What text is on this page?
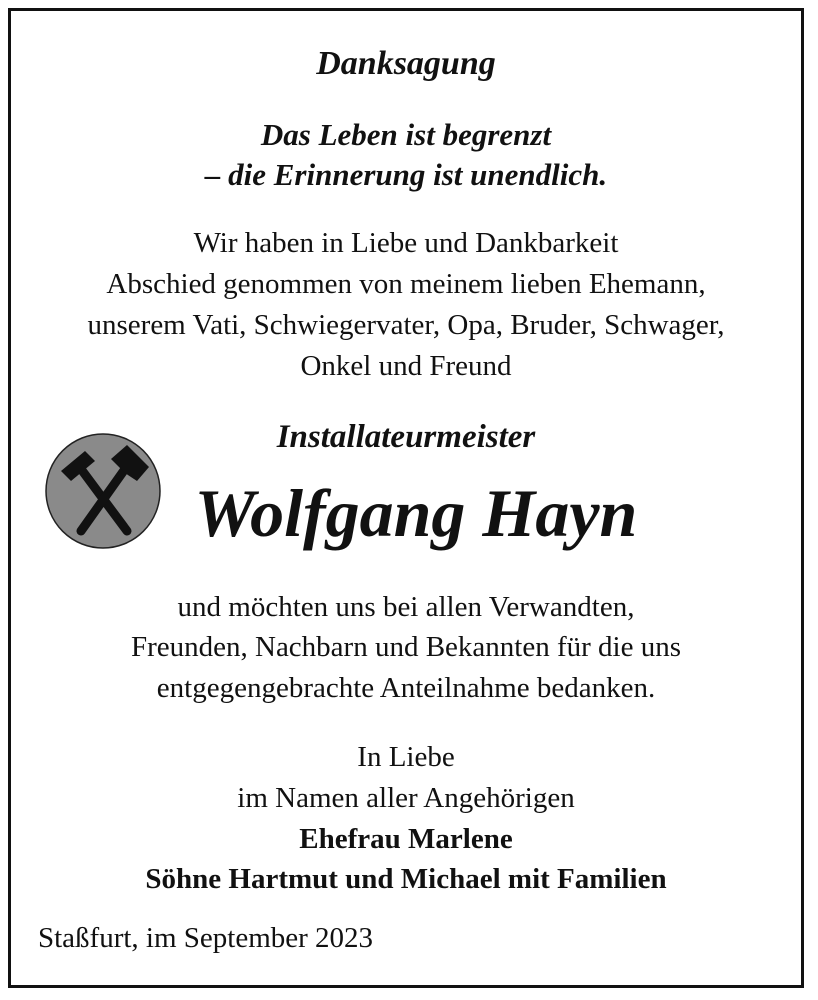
Danksagung
Das Leben ist begrenzt
– die Erinnerung ist unendlich.
Wir haben in Liebe und Dankbarkeit
Abschied genommen von meinem lieben Ehemann,
unserem Vati, Schwiegervater, Opa, Bruder, Schwager,
Onkel und Freund
Installateurmeister
Wolfgang Hayn
und möchten uns bei allen Verwandten,
Freunden, Nachbarn und Bekannten für die uns
entgegengebrachte Anteilnahme bedanken.
In Liebe
im Namen aller Angehörigen
Ehefrau Marlene
Söhne Hartmut und Michael mit Familien
Staßfurt, im September 2023
